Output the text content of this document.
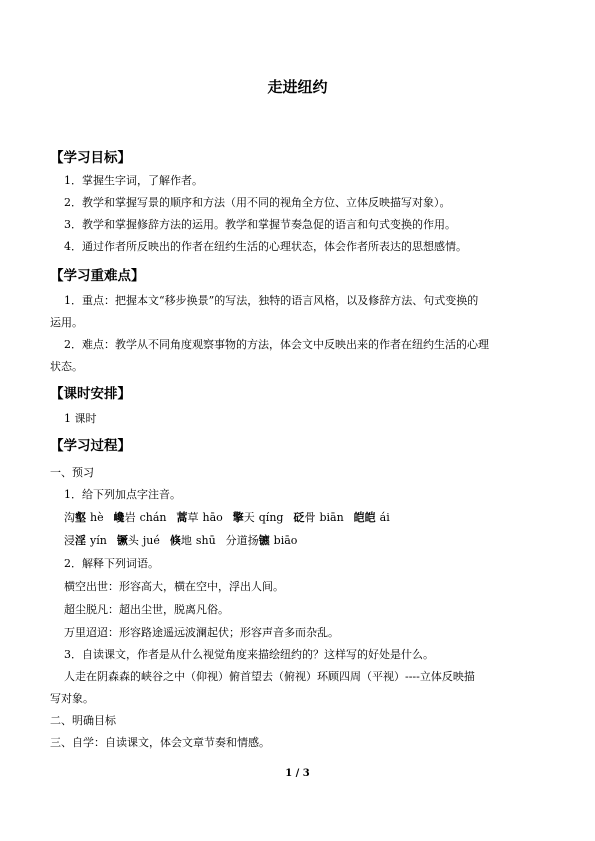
走进纽约
【学习目标】
1．掌握生字词，了解作者。
2．教学和掌握写景的顺序和方法（用不同的视角全方位、立体反映描写对象）。
3．教学和掌握修辞方法的运用。教学和掌握节奏急促的语言和句式变换的作用。
4．通过作者所反映出的作者在纽约生活的心理状态，体会作者所表达的思想感情。
【学习重难点】
1．重点：把握本文“移步换景”的写法，独特的语言风格，以及修辞方法、句式变换的
运用。
2．难点：教学从不同角度观察事物的方法，体会文中反映出来的作者在纽约生活的心理
状态。
【课时安排】
1 课时
【学习过程】
一、预习
1．给下列加点字注音。
沟壑 hè 巉岩 chán 蒿草 hāo 擎天 qíng 砭骨 biān 皑皑 ái
浸淫 yín 镢头 jué 倏地 shū 分道扬镳 biāo
2．解释下列词语。
横空出世：形容高大，横在空中，浮出人间。
超尘脱凡：超出尘世，脱离凡俗。
万里迢迢：形容路途遥远波澜起伏；形容声音多而杂乱。
3．自读课文，作者是从什么视觉角度来描绘纽约的？这样写的好处是什么。
人走在阴森森的峡谷之中（仰视）俯首望去（俯视）环顾四周（平视）----立体反映描
写对象。
二、明确目标
三、自学：自读课文，体会文章节奏和情感。
1 / 3
